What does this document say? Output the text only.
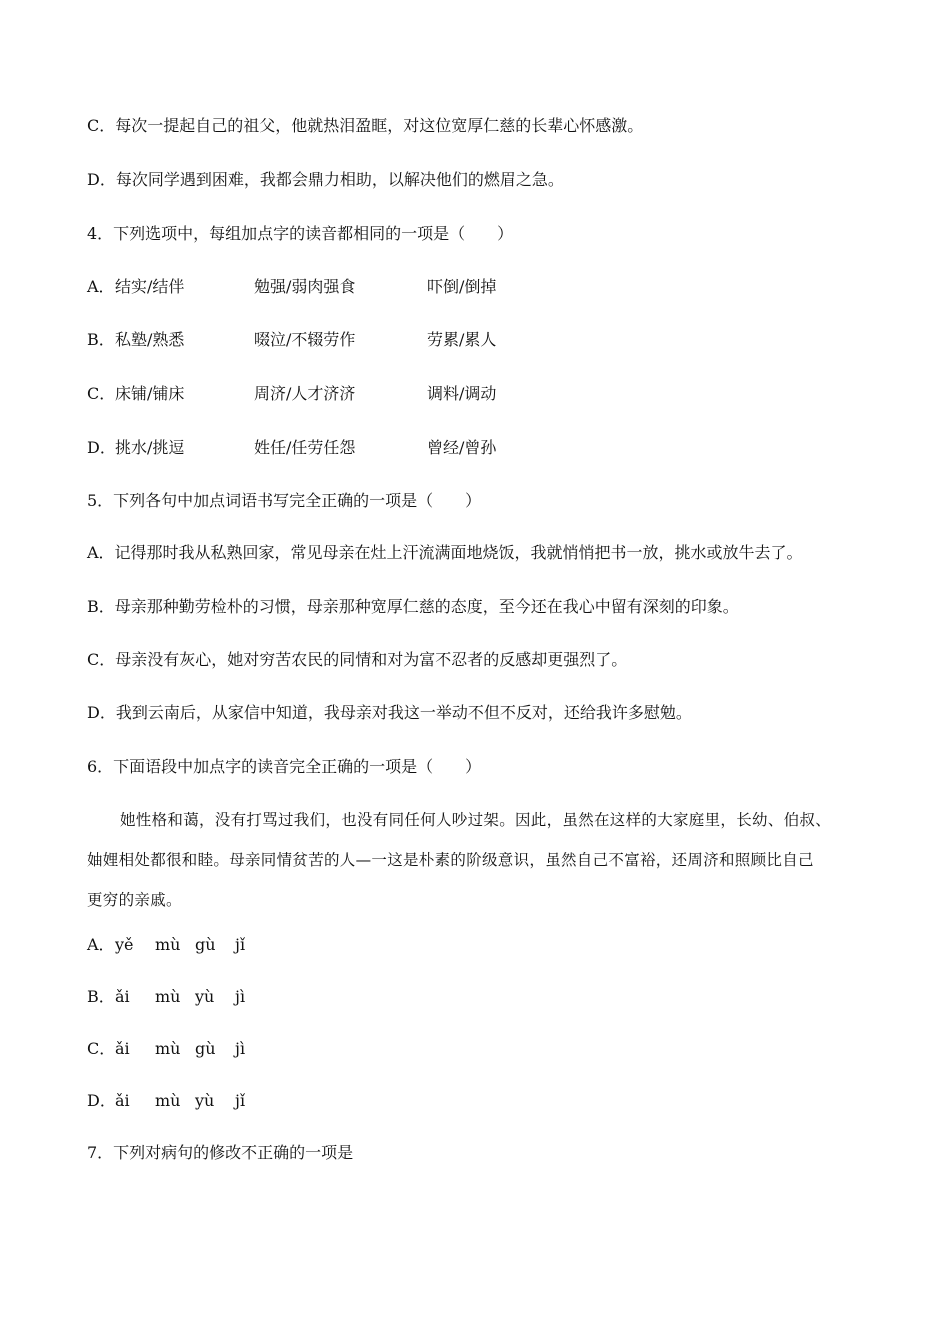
C．每次一提起自己的祖父，他就热泪盈眶，对这位宽厚仁慈的长辈心怀感激。
D．每次同学遇到困难，我都会鼎力相助，以解决他们的燃眉之急。
4．下列选项中，每组加点字的读音都相同的一项是（　　）
A． 结实/结伴	勉强/弱肉强食	吓倒/倒掉
B． 私塾/熟悉	啜泣/不辍劳作	劳累/累人
C． 床铺/铺床	周济/人才济济	调料/调动
D． 挑水/挑逗	姓任/任劳任怨	曾经/曾孙
5．下列各句中加点词语书写完全正确的一项是（　　）
A．记得那时我从私熟回家，常见母亲在灶上汗流满面地烧饭，我就悄悄把书一放，挑水或放牛去了。
B．母亲那种勤劳检朴的习惯，母亲那种宽厚仁慈的态度，至今还在我心中留有深刻的印象。
C．母亲没有灰心，她对穷苦农民的同情和对为富不忍者的反感却更强烈了。
D．我到云南后，从家信中知道，我母亲对我这一举动不但不反对，还给我许多慰勉。
6．下面语段中加点字的读音完全正确的一项是（　　）
她性格和蔼，没有打骂过我们，也没有同任何人吵过架。因此，虽然在这样的大家庭里，长幼、伯叔、
妯娌相处都很和睦。母亲同情贫苦的人—一这是朴素的阶级意识，虽然自己不富裕，还周济和照顾比自己
更穷的亲戚。
A．yě mù gù jǐ
B．ǎi mù yù jì
C．ǎi mù gù jì
D．ǎi mù yù jǐ
7．下列对病句的修改不正确的一项是
